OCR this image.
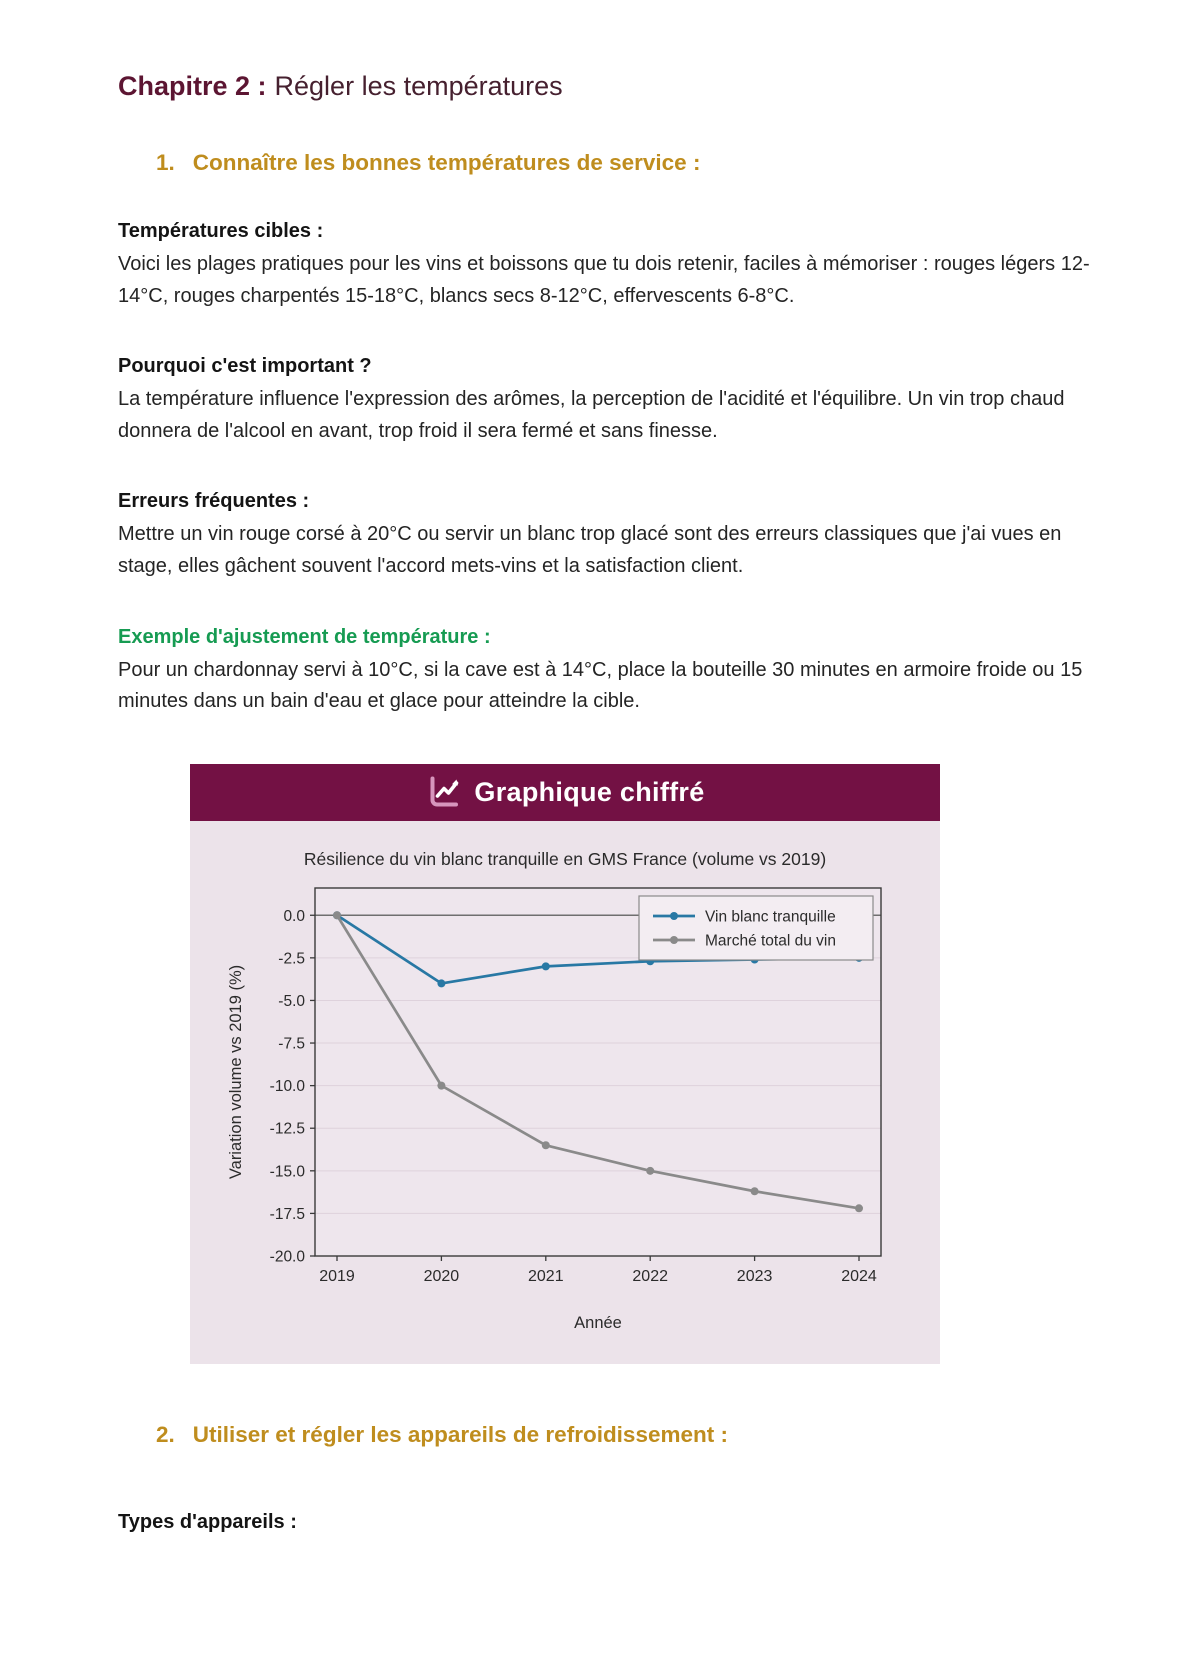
Chapitre 2 : Régler les températures
1. Connaître les bonnes températures de service :
Températures cibles :
Voici les plages pratiques pour les vins et boissons que tu dois retenir, faciles à mémoriser : rouges légers 12-14°C, rouges charpentés 15-18°C, blancs secs 8-12°C, effervescents 6-8°C.
Pourquoi c'est important ?
La température influence l'expression des arômes, la perception de l'acidité et l'équilibre. Un vin trop chaud donnera de l'alcool en avant, trop froid il sera fermé et sans finesse.
Erreurs fréquentes :
Mettre un vin rouge corsé à 20°C ou servir un blanc trop glacé sont des erreurs classiques que j'ai vues en stage, elles gâchent souvent l'accord mets-vins et la satisfaction client.
Exemple d'ajustement de température :
Pour un chardonnay servi à 10°C, si la cave est à 14°C, place la bouteille 30 minutes en armoire froide ou 15 minutes dans un bain d'eau et glace pour atteindre la cible.
Graphique chiffré
Résilience du vin blanc tranquille en GMS France (volume vs 2019)
0.0
-2.5
-5.0
-7.5
-10.0
-12.5
-15.0
-17.5
-20.0
2019	2020	2021	2022	2023	2024
Année
Variation volume vs 2019 (%)
Vin blanc tranquille
Marché total du vin
2. Utiliser et régler les appareils de refroidissement :
Types d'appareils :
